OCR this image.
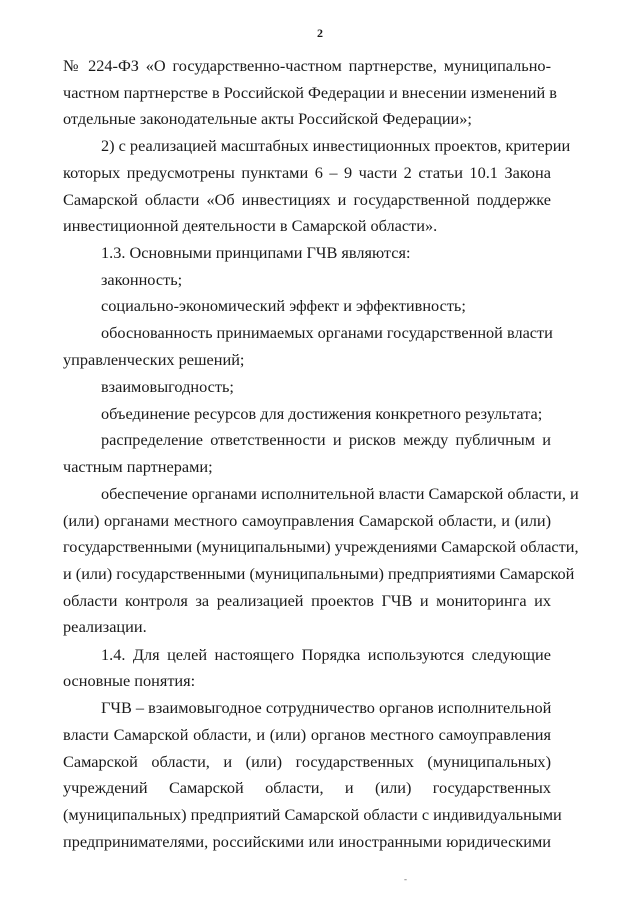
2
№ 224-ФЗ «О государственно-частном партнерстве, муниципально-
частном партнерстве в Российской Федерации и внесении изменений в
отдельные законодательные акты Российской Федерации»;
2) с реализацией масштабных инвестиционных проектов, критерии
которых предусмотрены пунктами 6 – 9 части 2 статьи 10.1 Закона
Самарской области «Об инвестициях и государственной поддержке
инвестиционной деятельности в Самарской области».
1.3. Основными принципами ГЧВ являются:
законность;
социально-экономический эффект и эффективность;
обоснованность принимаемых органами государственной власти
управленческих решений;
взаимовыгодность;
объединение ресурсов для достижения конкретного результата;
распределение ответственности и рисков между публичным и
частным партнерами;
обеспечение органами исполнительной власти Самарской области, и
(или) органами местного самоуправления Самарской области, и (или)
государственными (муниципальными) учреждениями Самарской области,
и (или) государственными (муниципальными) предприятиями Самарской
области контроля за реализацией проектов ГЧВ и мониторинга их
реализации.
1.4. Для целей настоящего Порядка используются следующие
основные понятия:
ГЧВ – взаимовыгодное сотрудничество органов исполнительной
власти Самарской области, и (или) органов местного самоуправления
Самарской области, и (или) государственных (муниципальных)
учреждений Самарской области, и (или) государственных
(муниципальных) предприятий Самарской области с индивидуальными
предпринимателями, российскими или иностранными юридическими
-
